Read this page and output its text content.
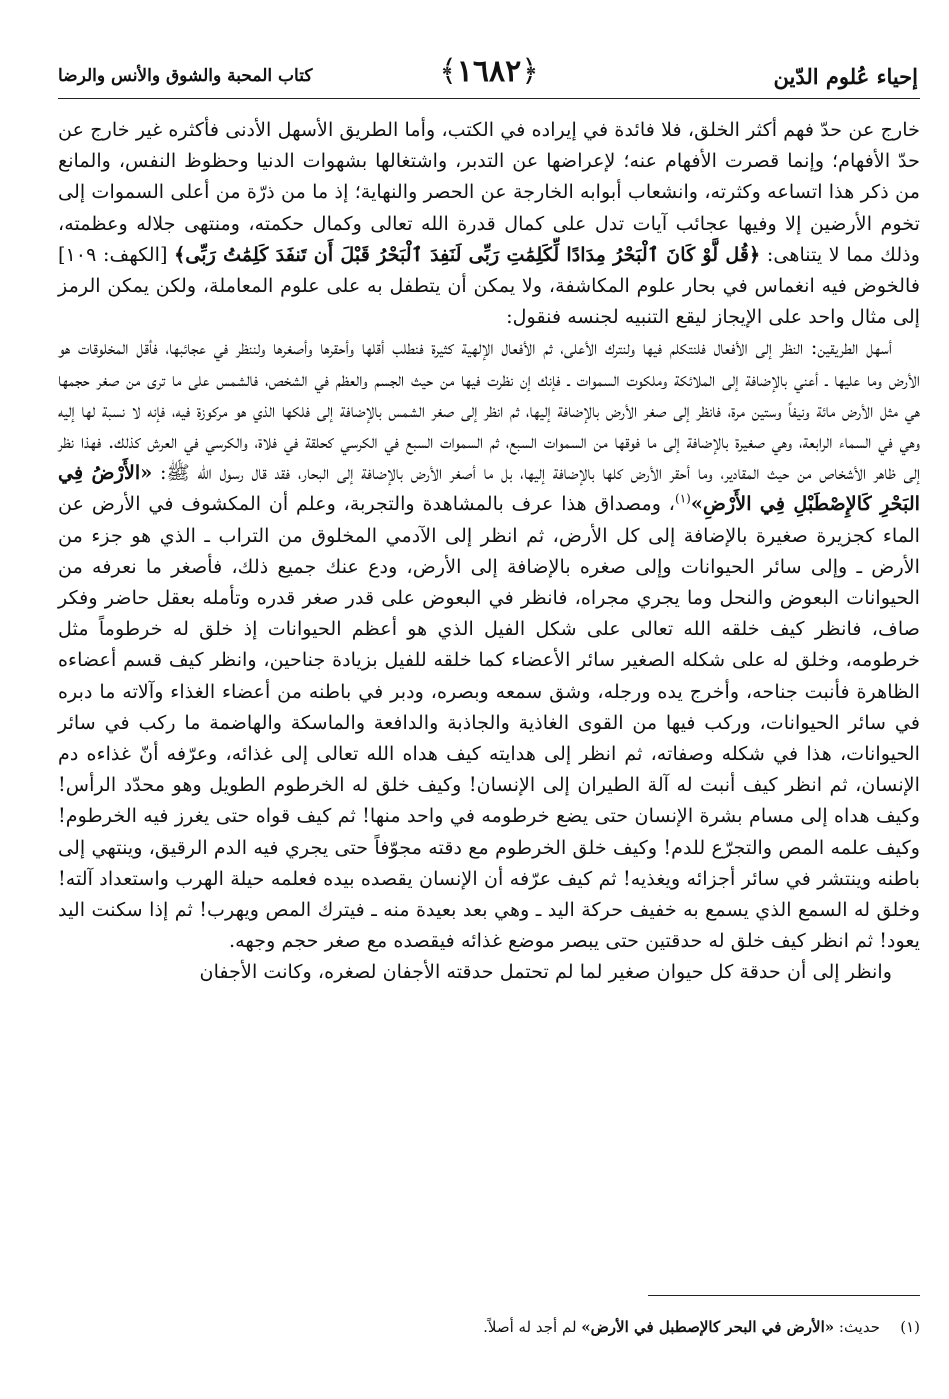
إحياء عُلوم الدّين
﴿١٦٨٢﴾
كتاب المحبة والشوق والأنس والرضا

خارج عن حدّ فهم أكثر الخلق، فلا فائدة في إيراده في الكتب، وأما الطريق الأسهل الأدنى فأكثره غير خارج عن حدّ الأفهام؛ وإنما قصرت الأفهام عنه؛ لإعراضها عن التدبر، واشتغالها بشهوات الدنيا وحظوظ النفس، والمانع من ذكر هذا اتساعه وكثرته، وانشعاب أبوابه الخارجة عن الحصر والنهاية؛ إذ ما من ذرّة من أعلى السموات إلى تخوم الأرضين إلا وفيها عجائب آيات تدل على كمال قدرة الله تعالى وكمال حكمته، ومنتهى جلاله وعظمته، وذلك مما لا يتناهى: ﴿قُل لَّوْ كَانَ ٱلْبَحْرُ مِدَادًا لِّكَلِمَٰتِ رَبِّى لَنَفِدَ ٱلْبَحْرُ قَبْلَ أَن تَنفَدَ كَلِمَٰتُ رَبِّى﴾ [الكهف: ١٠٩] فالخوض فيه انغماس في بحار علوم المكاشفة، ولا يمكن أن يتطفل به على علوم المعاملة، ولكن يمكن الرمز إلى مثال واحد على الإيجاز ليقع التنبيه لجنسه فنقول:

أسهل الطريقين: النظر إلى الأفعال فلنتكلم فيها ولنترك الأعلى، ثم الأفعال الإلهية كثيرة فنطلب أقلها وأحقرها وأصغرها ولننظر في عجائبها، فأقل المخلوقات هو الأرض وما عليها ـ أعني بالإضافة إلى الملائكة وملكوت السموات ـ فإنك إن نظرت فيها من حيث الجسم والعظم في الشخص، فالشمس على ما ترى من صغر حجمها هي مثل الأرض مائة ونيفاً وستين مرة، فانظر إلى صغر الأرض بالإضافة إليها، ثم انظر إلى صغر الشمس بالإضافة إلى فلكها الذي هو مركوزة فيه، فإنه لا نسبة لها إليه وهي في السماء الرابعة، وهي صغيرة بالإضافة إلى ما فوقها من السموات السبع، ثم السموات السبع في الكرسي كحلقة في فلاة، والكرسي في العرش كذلك. فهذا نظر إلى ظاهر الأشخاص من حيث المقادير، وما أحقر الأرض كلها بالإضافة إليها، بل ما أصغر الأرض بالإضافة إلى البحار، فقد قال رسول الله ﷺ: «الأَرْضُ فِي البَحْرِ كَالإِصْطَبْلِ فِي الأَرْضِ»$^{(١)}$، ومصداق هذا عرف بالمشاهدة والتجربة، وعلم أن المكشوف في الأرض عن الماء كجزيرة صغيرة بالإضافة إلى كل الأرض، ثم انظر إلى الآدمي المخلوق من التراب ـ الذي هو جزء من الأرض ـ وإلى سائر الحيوانات وإلى صغره بالإضافة إلى الأرض، ودع عنك جميع ذلك، فأصغر ما نعرفه من الحيوانات البعوض والنحل وما يجري مجراه، فانظر في البعوض على قدر صغر قدره وتأمله بعقل حاضر وفكر صاف، فانظر كيف خلقه الله تعالى على شكل الفيل الذي هو أعظم الحيوانات إذ خلق له خرطوماً مثل خرطومه، وخلق له على شكله الصغير سائر الأعضاء كما خلقه للفيل بزيادة جناحين، وانظر كيف قسم أعضاءه الظاهرة فأنبت جناحه، وأخرج يده ورجله، وشق سمعه وبصره، ودبر في باطنه من أعضاء الغذاء وآلاته ما دبره في سائر الحيوانات، وركب فيها من القوى الغاذية والجاذبة والدافعة والماسكة والهاضمة ما ركب في سائر الحيوانات، هذا في شكله وصفاته، ثم انظر إلى هدايته كيف هداه الله تعالى إلى غذائه، وعرّفه أنّ غذاءه دم الإنسان، ثم انظر كيف أنبت له آلة الطيران إلى الإنسان! وكيف خلق له الخرطوم الطويل وهو محدّد الرأس! وكيف هداه إلى مسام بشرة الإنسان حتى يضع خرطومه في واحد منها! ثم كيف قواه حتى يغرز فيه الخرطوم! وكيف علمه المص والتجرّع للدم! وكيف خلق الخرطوم مع دقته مجوّفاً حتى يجري فيه الدم الرقيق، وينتهي إلى باطنه وينتشر في سائر أجزائه ويغذيه! ثم كيف عرّفه أن الإنسان يقصده بيده فعلمه حيلة الهرب واستعداد آلته! وخلق له السمع الذي يسمع به خفيف حركة اليد ـ وهي بعد بعيدة منه ـ فيترك المص ويهرب! ثم إذا سكنت اليد يعود! ثم انظر كيف خلق له حدقتين حتى يبصر موضع غذائه فيقصده مع صغر حجم وجهه.

وانظر إلى أن حدقة كل حيوان صغير لما لم تحتمل حدقته الأجفان لصغره، وكانت الأجفان

(١)حديث: «الأرض في البحر كالإصطبل في الأرض» لم أجد له أصلاً.
